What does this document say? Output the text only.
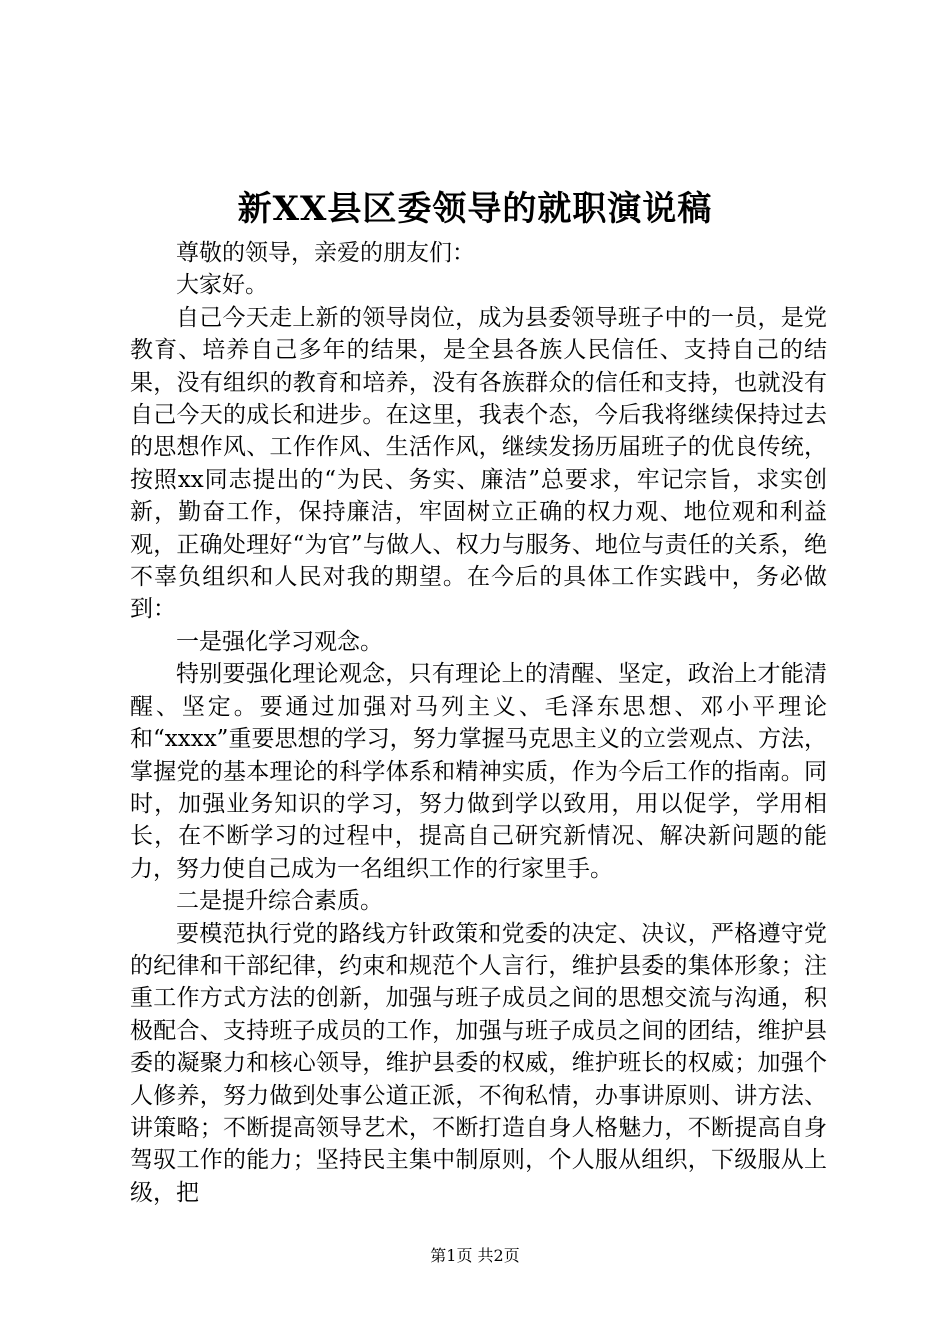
新XX县区委领导的就职演说稿

尊敬的领导，亲爱的朋友们：

大家好。

自己今天走上新的领导岗位，成为县委领导班子中的一员，是党教育、培养自己多年的结果，是全县各族人民信任、支持自己的结果，没有组织的教育和培养，没有各族群众的信任和支持，也就没有自己今天的成长和进步。在这里，我表个态，今后我将继续保持过去的思想作风、工作作风、生活作风，继续发扬历届班子的优良传统，按照xx同志提出的“为民、务实、廉洁”总要求，牢记宗旨，求实创新，勤奋工作，保持廉洁，牢固树立正确的权力观、地位观和利益观，正确处理好“为官”与做人、权力与服务、地位与责任的关系，绝不辜负组织和人民对我的期望。在今后的具体工作实践中，务必做到：

一是强化学习观念。

特别要强化理论观念，只有理论上的清醒、坚定，政治上才能清醒、坚定。要通过加强对马列主义、毛泽东思想、邓小平理论和“xxxx”重要思想的学习，努力掌握马克思主义的立尝观点、方法，掌握党的基本理论的科学体系和精神实质，作为今后工作的指南。同时，加强业务知识的学习，努力做到学以致用，用以促学，学用相长，在不断学习的过程中，提高自己研究新情况、解决新问题的能力，努力使自己成为一名组织工作的行家里手。

二是提升综合素质。

要模范执行党的路线方针政策和党委的决定、决议，严格遵守党的纪律和干部纪律，约束和规范个人言行，维护县委的集体形象；注重工作方式方法的创新，加强与班子成员之间的思想交流与沟通，积极配合、支持班子成员的工作，加强与班子成员之间的团结，维护县委的凝聚力和核心领导，维护县委的权威，维护班长的权威；加强个人修养，努力做到处事公道正派，不徇私情，办事讲原则、讲方法、讲策略；不断提高领导艺术，不断打造自身人格魅力，不断提高自身驾驭工作的能力；坚持民主集中制原则，个人服从组织，下级服从上级，把

第1页 共2页
